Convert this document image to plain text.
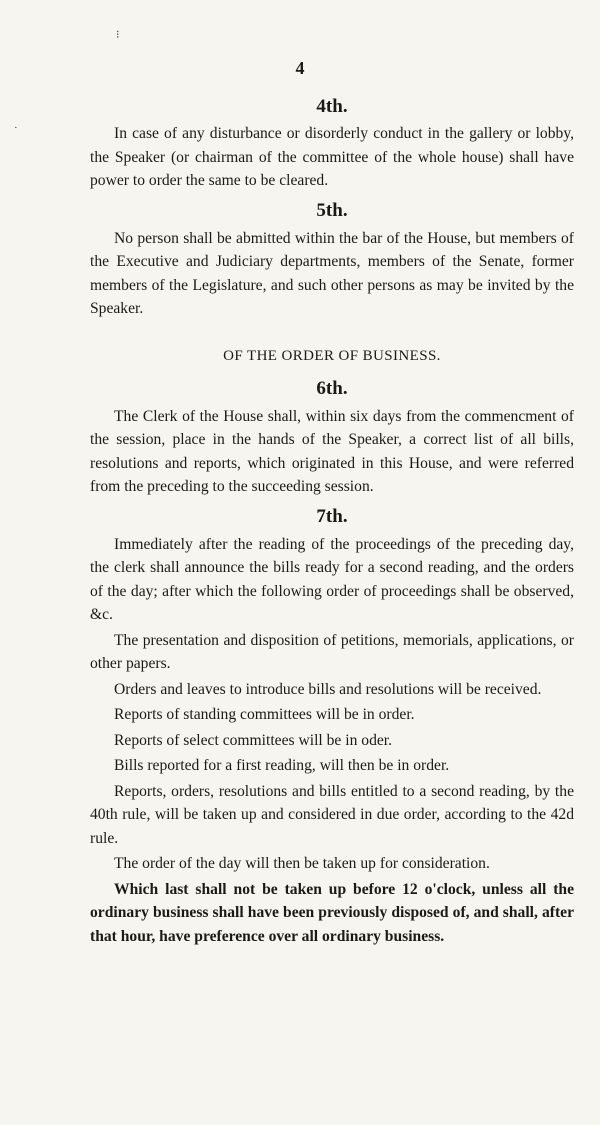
⁝
·
4
4th.

In case of any disturbance or disorderly conduct in the gallery or lobby, the Speaker (or chairman of the committee of the whole house) shall have power to order the same to be cleared.

5th.

No person shall be abmitted within the bar of the House, but members of the Executive and Judiciary departments, members of the Senate, former members of the Legislature, and such other persons as may be invited by the Speaker.

OF THE ORDER OF BUSINESS.
6th.

The Clerk of the House shall, within six days from the commencment of the session, place in the hands of the Speaker, a correct list of all bills, resolutions and reports, which originated in this House, and were referred from the preceding to the succeeding session.

7th.

Immediately after the reading of the proceedings of the preceding day, the clerk shall announce the bills ready for a second reading, and the orders of the day; after which the following order of proceedings shall be observed, &c.

The presentation and disposition of petitions, memorials, applications, or other papers.

Orders and leaves to introduce bills and resolutions will be received.

Reports of standing committees will be in order.

Reports of select committees will be in oder.

Bills reported for a first reading, will then be in order.

Reports, orders, resolutions and bills entitled to a second reading, by the 40th rule, will be taken up and considered in due order, according to the 42d rule.

The order of the day will then be taken up for consideration.

Which last shall not be taken up before 12 o'clock, unless all the ordinary business shall have been previously disposed of, and shall, after that hour, have preference over all ordinary business.
